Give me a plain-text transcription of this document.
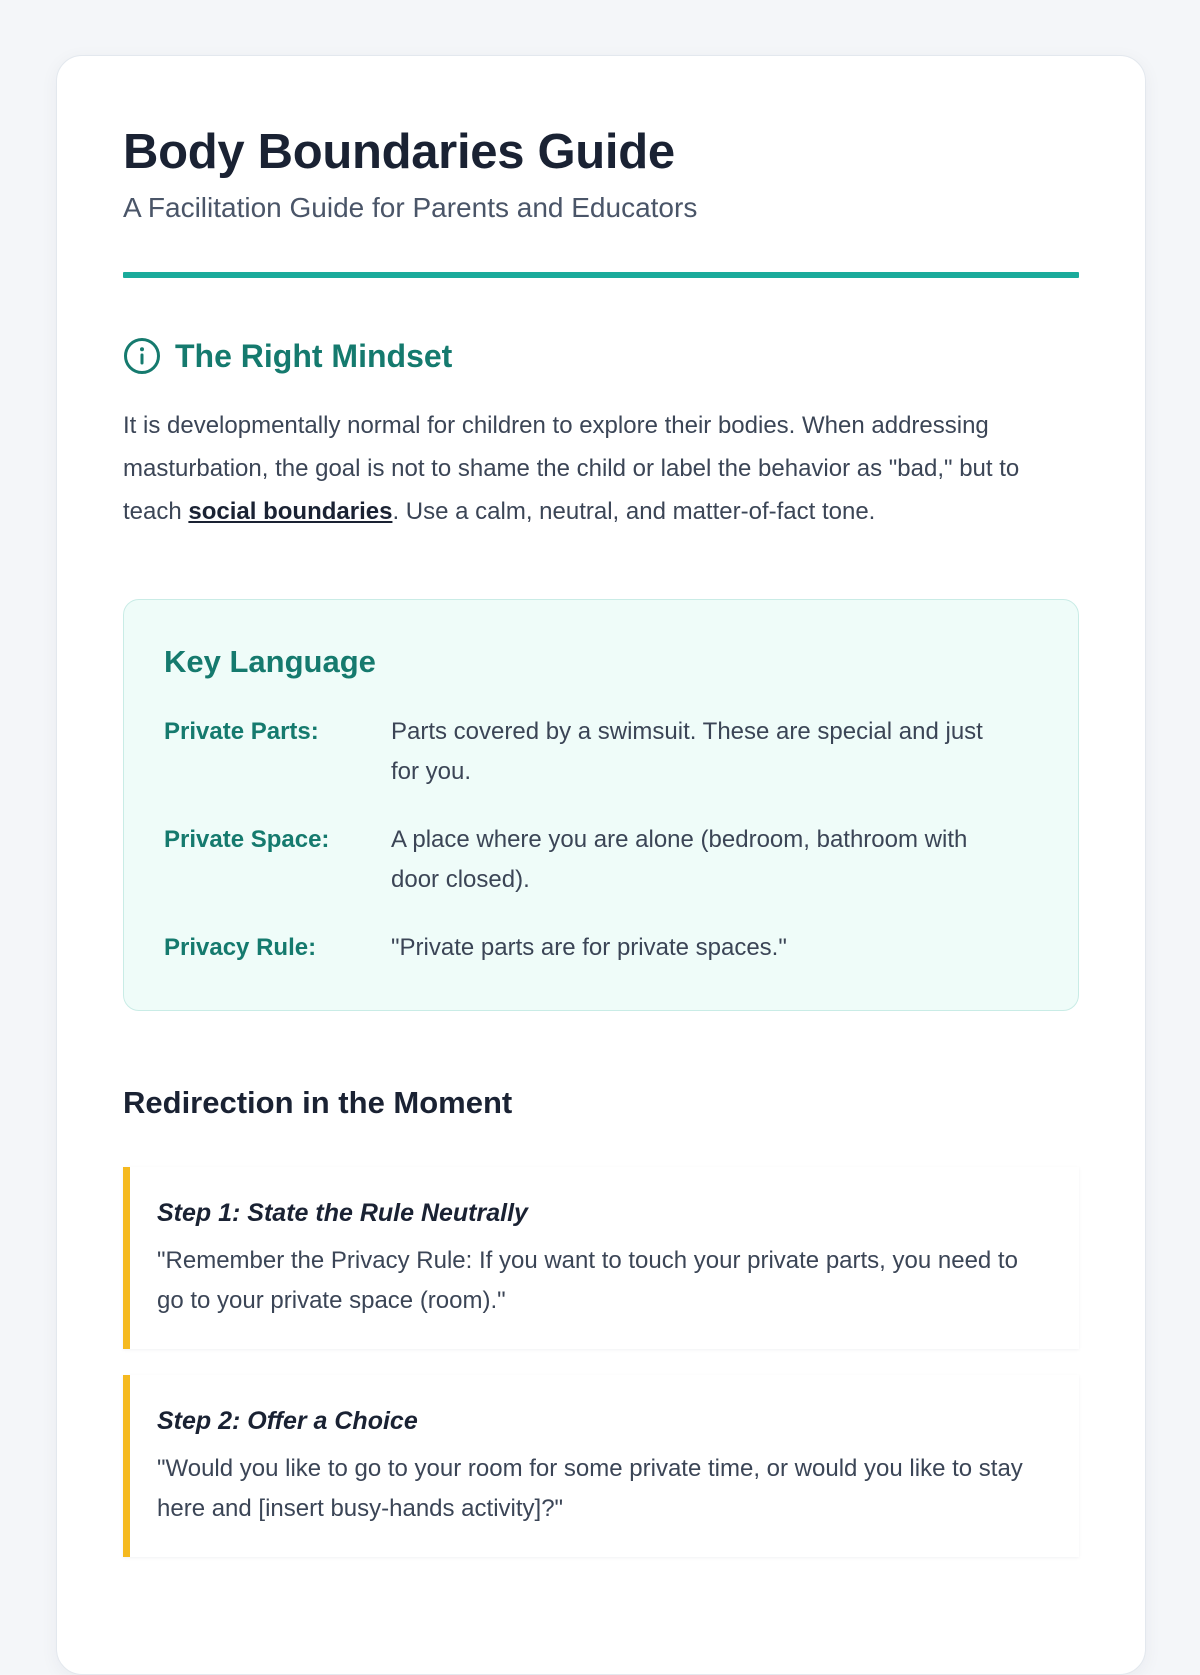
Body Boundaries Guide
A Facilitation Guide for Parents and Educators
The Right Mindset

It is developmentally normal for children to explore their bodies. When addressing masturbation, the goal is not to shame the child or label the behavior as "bad," but to teach social boundaries. Use a calm, neutral, and matter-of-fact tone.

Key Language
Private Parts:	Parts covered by a swimsuit. These are special and just for you.
Private Space:	A place where you are alone (bedroom, bathroom with door closed).
Privacy Rule:	"Private parts are for private spaces."
Redirection in the Moment
Step 1: State the Rule Neutrally
"Remember the Privacy Rule: If you want to touch your private parts, you need to go to your private space (room)."
Step 2: Offer a Choice
"Would you like to go to your room for some private time, or would you like to stay here and [insert busy-hands activity]?"
